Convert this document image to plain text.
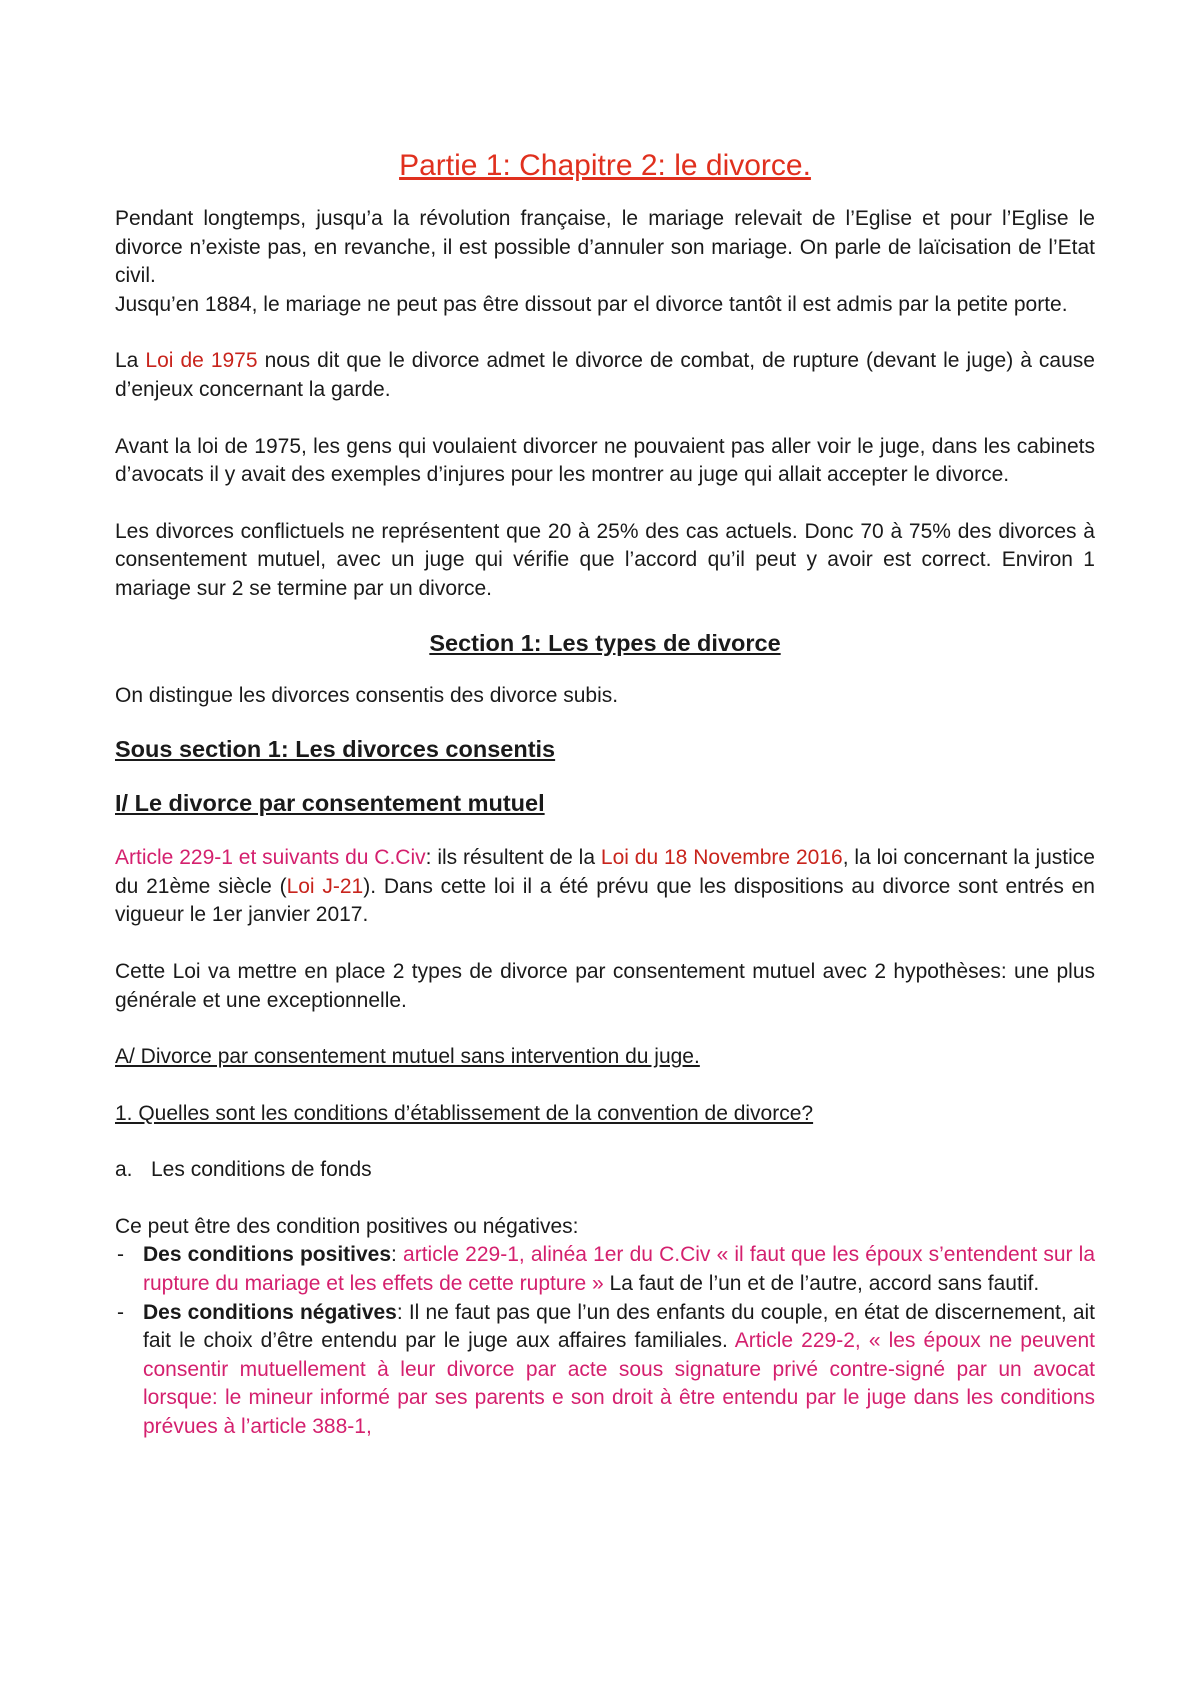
Partie 1: Chapitre 2: le divorce.

Pendant longtemps, jusqu’a la révolution française, le mariage relevait de l’Eglise et pour l’Eglise le divorce n’existe pas, en revanche, il est possible d’annuler son mariage. On parle de laïcisation de l’Etat civil.

Jusqu’en 1884, le mariage ne peut pas être dissout par el divorce tantôt il est admis par la petite porte.

La Loi de 1975 nous dit que le divorce admet le divorce de combat, de rupture (devant le juge) à cause d’enjeux concernant la garde.

Avant la loi de 1975, les gens qui voulaient divorcer ne pouvaient pas aller voir le juge, dans les cabinets d’avocats il y avait des exemples d’injures pour les montrer au juge qui allait accepter le divorce.

Les divorces conflictuels ne représentent que 20 à 25% des cas actuels. Donc 70 à 75% des divorces à consentement mutuel, avec un juge qui vérifie que l’accord qu’il peut y avoir est correct. Environ 1 mariage sur 2 se termine par un divorce.

Section 1: Les types de divorce

On distingue les divorces consentis des divorce subis.

Sous section 1: Les divorces consentis
I/ Le divorce par consentement mutuel

Article 229-1 et suivants du C.Civ: ils résultent de la Loi du 18 Novembre 2016, la loi concernant la justice du 21ème siècle (Loi J-21). Dans cette loi il a été prévu que les dispositions au divorce sont entrés en vigueur le 1er janvier 2017.

Cette Loi va mettre en place 2 types de divorce par consentement mutuel avec 2 hypothèses: une plus générale et une exceptionnelle.

A/ Divorce par consentement mutuel sans intervention du juge.

1. Quelles sont les conditions d’établissement de la convention de divorce?

a. Les conditions de fonds

Ce peut être des condition positives ou négatives:

- Des conditions positives: article 229-1, alinéa 1er du C.Civ « il faut que les époux s’entendent sur la rupture du mariage et les effets de cette rupture » La faut de l’un et de l’autre, accord sans fautif.
- Des conditions négatives: Il ne faut pas que l’un des enfants du couple, en état de discernement, ait fait le choix d’être entendu par le juge aux affaires familiales. Article 229-2, « les époux ne peuvent consentir mutuellement à leur divorce par acte sous signature privé contre-signé par un avocat lorsque: le mineur informé par ses parents e son droit à être entendu par le juge dans les conditions prévues à l’article 388-1,
